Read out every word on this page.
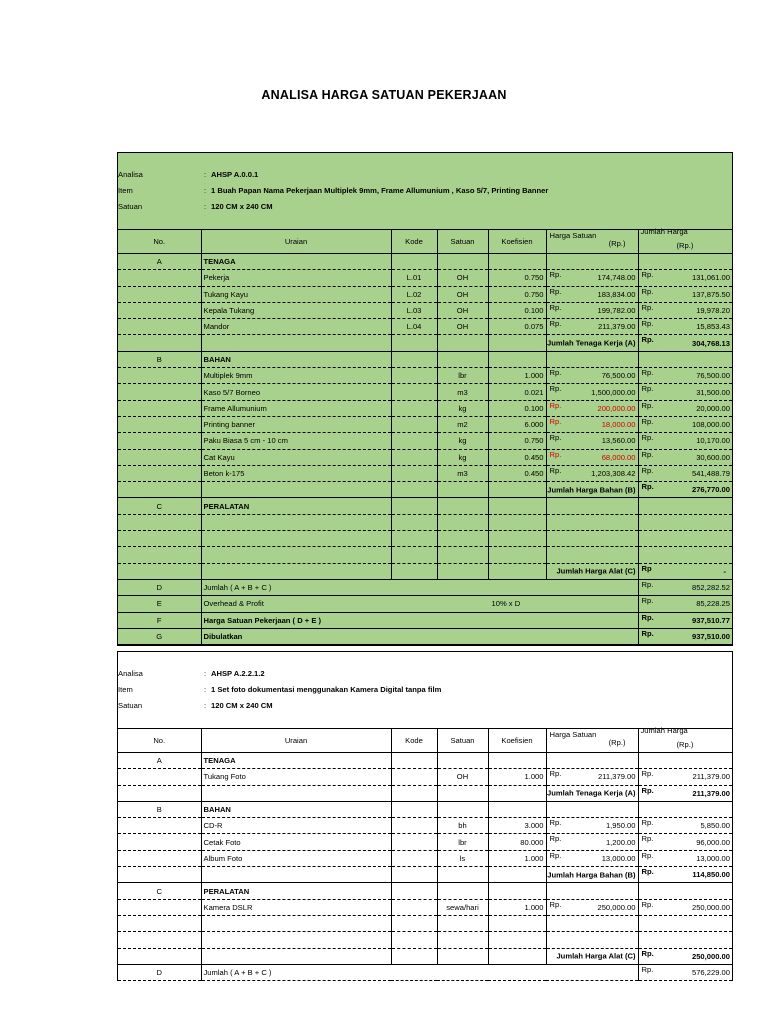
ANALISA HARGA SATUAN PEKERJAAN
Analisa	: AHSP A.0.0.1
Item	: 1 Buah Papan Nama Pekerjaan Multiplek 9mm, Frame Allumunium , Kaso 5/7, Printing Banner
Satuan	: 120 CM x 240 CM
No.	Uraian	Kode	Satuan	Koefisien	Harga Satuan
(Rp.)	Jumlah Harga
(Rp.)

A	TENAGA					
	Pekerja	L.01	OH	0.750	Rp. 174,748.00	Rp. 131,061.00

	Tukang Kayu	L.02	OH	0.750	Rp. 183,834.00	Rp. 137,875.50

	Kepala Tukang	L.03	OH	0.100	Rp. 199,782.00	Rp. 19,978.20

	Mandor	L.04	OH	0.075	Rp. 211,379.00	Rp. 15,853.43

					Jumlah Tenaga Kerja (A)	Rp. 304,768.13

B	BAHAN					
	Multiplek 9mm		lbr	1.000	Rp. 76,500.00	Rp. 76,500.00

	Kaso 5/7 Borneo		m3	0.021	Rp. 1,500,000.00	Rp. 31,500.00

	Frame Allumunium		kg	0.100	Rp. 200,000.00	Rp. 20,000.00

	Printing banner		m2	6.000	Rp. 18,000.00	Rp. 108,000.00

	Paku Biasa 5 cm - 10 cm		kg	0.750	Rp. 13,560.00	Rp. 10,170.00

	Cat Kayu		kg	0.450	Rp. 68,000.00	Rp. 30,600.00

	Beton k-175		m3	0.450	Rp. 1,203,308.42	Rp. 541,488.79

					Jumlah Harga Bahan (B)	Rp. 276,770.00

C	PERALATAN					

					Jumlah Harga Alat (C)	Rp -

D	Jumlah ( A + B + C )					Rp. 852,282.52

E	Overhead & Profit 10% x D					Rp. 85,228.25

F	Harga Satuan Pekerjaan ( D + E )					Rp. 937,510.77

G	Dibulatkan					Rp. 937,510.00
Analisa	: AHSP A.2.2.1.2
Item	: 1 Set foto dokumentasi menggunakan Kamera Digital tanpa film
Satuan	: 120 CM x 240 CM
No.	Uraian	Kode	Satuan	Koefisien	Harga Satuan
(Rp.)	Jumlah Harga
(Rp.)

A	TENAGA					
	Tukang Foto		OH	1.000	Rp. 211,379.00	Rp. 211,379.00

					Jumlah Tenaga Kerja (A)	Rp. 211,379.00

B	BAHAN					
	CD-R		bh	3.000	Rp. 1,950.00	Rp. 5,850.00

	Cetak Foto		lbr	80.000	Rp. 1,200.00	Rp. 96,000.00

	Album Foto		ls	1.000	Rp. 13,000.00	Rp. 13,000.00

					Jumlah Harga Bahan (B)	Rp. 114,850.00

C	PERALATAN					
	Kamera DSLR		sewa/hari	1.000	Rp. 250,000.00	Rp. 250,000.00

					Jumlah Harga Alat (C)	Rp. 250,000.00

D	Jumlah ( A + B + C )					Rp. 576,229.00
